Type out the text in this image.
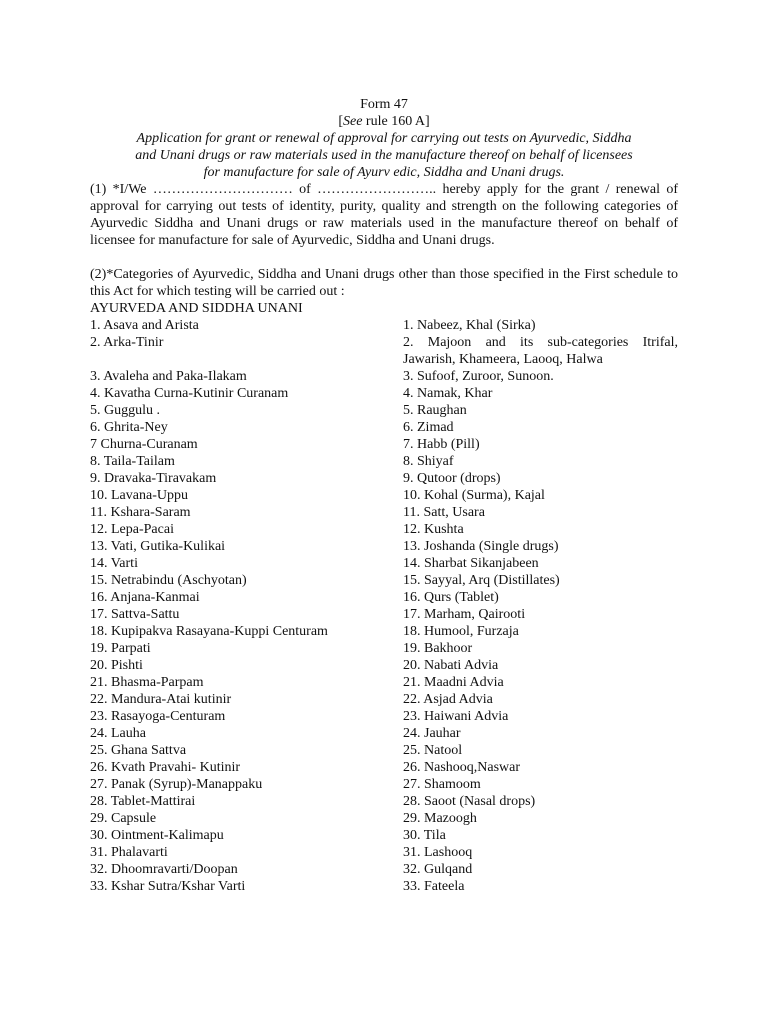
Form 47
[See rule 160 A]
Application for grant or renewal of approval for carrying out tests on Ayurvedic, Siddha
and Unani drugs or raw materials used in the manufacture thereof on behalf of licensees
for manufacture for sale of Ayurv edic, Siddha and Unani drugs.
(1) *I/We ………………………… of …………………….. hereby apply for the grant / renewal of approval for carrying out tests of identity, purity, quality and strength on the following categories of Ayurvedic Siddha and Unani drugs or raw materials used in the manufacture thereof on behalf of licensee for manufacture for sale of Ayurvedic, Siddha and Unani drugs.
(2)*Categories of Ayurvedic, Siddha and Unani drugs other than those specified in the First schedule to this Act for which testing will be carried out :
AYURVEDA AND SIDDHA UNANI
1. Asava and Arista
2. Arka-Tinir
3. Avaleha and Paka-Ilakam
4. Kavatha Curna-Kutinir Curanam
5. Guggulu .
6. Ghrita-Ney
7 Churna-Curanam
8. Taila-Tailam
9. Dravaka-Tiravakam
10. Lavana-Uppu
11. Kshara-Saram
12. Lepa-Pacai
13. Vati, Gutika-Kulikai
14. Varti
15. Netrabindu (Aschyotan)
16. Anjana-Kanmai
17. Sattva-Sattu
18. Kupipakva Rasayana-Kuppi Centuram
19. Parpati
20. Pishti
21. Bhasma-Parpam
22. Mandura-Atai kutinir
23. Rasayoga-Centuram
24. Lauha
25. Ghana Sattva
26. Kvath Pravahi- Kutinir
27. Panak (Syrup)-Manappaku
28. Tablet-Mattirai
29. Capsule
30. Ointment-Kalimapu
31. Phalavarti
32. Dhoomravarti/Doopan
33. Kshar Sutra/Kshar Varti
1. Nabeez, Khal (Sirka)
2. Majoon and its sub-categories Itrifal, Jawarish, Khameera, Laooq, Halwa
3. Sufoof, Zuroor, Sunoon.
4. Namak, Khar
5. Raughan
6. Zimad
7. Habb (Pill)
8. Shiyaf
9. Qutoor (drops)
10. Kohal (Surma), Kajal
11. Satt, Usara
12. Kushta
13. Joshanda (Single drugs)
14. Sharbat Sikanjabeen
15. Sayyal, Arq (Distillates)
16. Qurs (Tablet)
17. Marham, Qairooti
18. Humool, Furzaja
19. Bakhoor
20. Nabati Advia
21. Maadni Advia
22. Asjad Advia
23. Haiwani Advia
24. Jauhar
25. Natool
26. Nashooq,Naswar
27. Shamoom
28. Saoot (Nasal drops)
29. Mazoogh
30. Tila
31. Lashooq
32. Gulqand
33. Fateela
